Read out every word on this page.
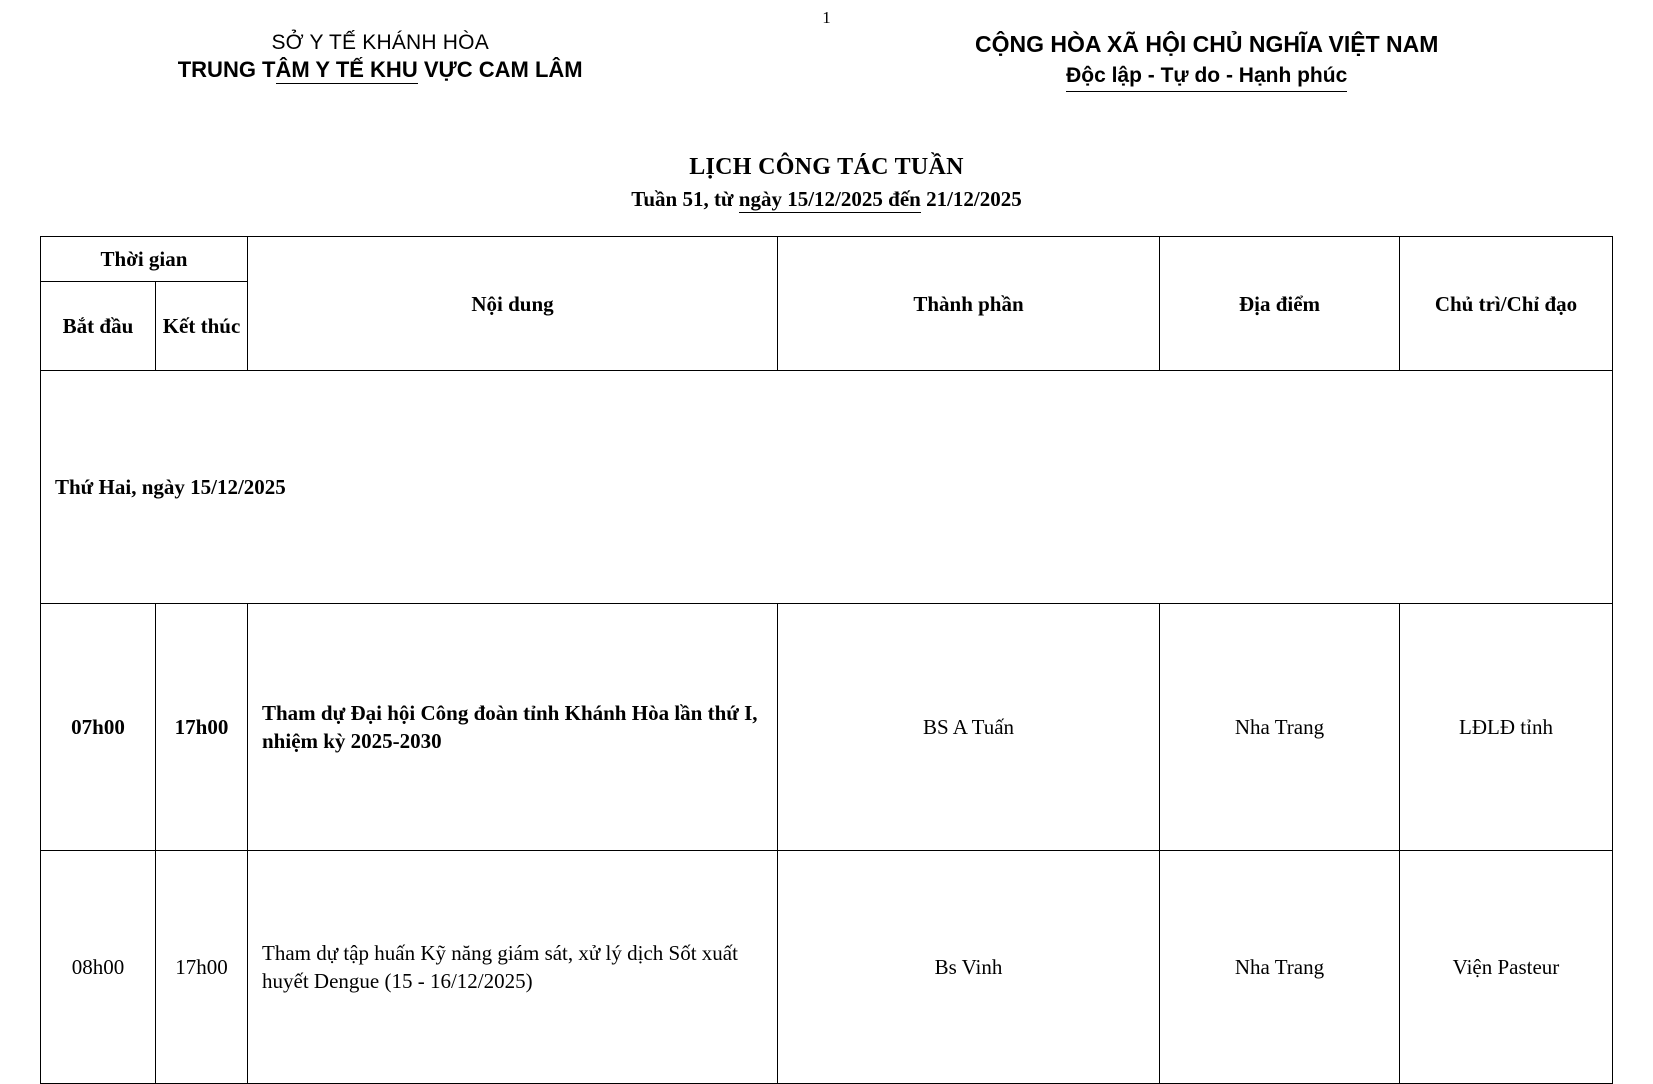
1
SỞ Y TẾ KHÁNH HÒA
TRUNG TÂM Y TẾ KHU VỰC CAM LÂM
CỘNG HÒA XÃ HỘI CHỦ NGHĨA VIỆT NAM
Độc lập - Tự do - Hạnh phúc
LỊCH CÔNG TÁC TUẦN
Tuần 51, từ ngày 15/12/2025 đến 21/12/2025
Thời gian		Nội dung	Thành phần	Địa điểm	Chủ trì/Chỉ đạo
Bắt đầu	Kết thúc				
Thứ Hai, ngày 15/12/2025					
07h00	17h00	Tham dự Đại hội Công đoàn tỉnh Khánh Hòa lần thứ I, nhiệm kỳ 2025-2030	BS A Tuấn	Nha Trang	LĐLĐ tỉnh
08h00	17h00	Tham dự tập huấn Kỹ năng giám sát, xử lý dịch Sốt xuất huyết Dengue (15 - 16/12/2025)	Bs Vinh	Nha Trang	Viện Pasteur
